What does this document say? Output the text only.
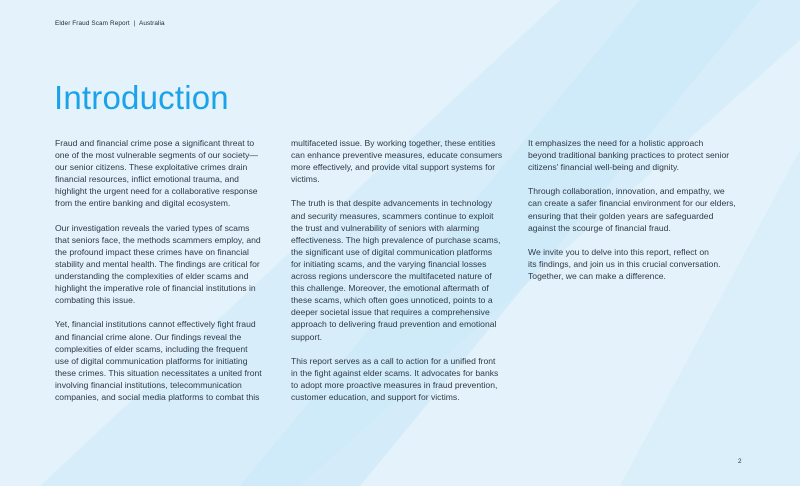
Elder Fraud Scam Report | Australia
Introduction

Fraud and financial crime pose a significant threat to
one of the most vulnerable segments of our society—
our senior citizens. These exploitative crimes drain
financial resources, inflict emotional trauma, and
highlight the urgent need for a collaborative response
from the entire banking and digital ecosystem.

Our investigation reveals the varied types of scams
that seniors face, the methods scammers employ, and
the profound impact these crimes have on financial
stability and mental health. The findings are critical for
understanding the complexities of elder scams and
highlight the imperative role of financial institutions in
combating this issue.

Yet, financial institutions cannot effectively fight fraud
and financial crime alone. Our findings reveal the
complexities of elder scams, including the frequent
use of digital communication platforms for initiating
these crimes. This situation necessitates a united front
involving financial institutions, telecommunication
companies, and social media platforms to combat this

multifaceted issue. By working together, these entities
can enhance preventive measures, educate consumers
more effectively, and provide vital support systems for
victims.

The truth is that despite advancements in technology
and security measures, scammers continue to exploit
the trust and vulnerability of seniors with alarming
effectiveness. The high prevalence of purchase scams,
the significant use of digital communication platforms
for initiating scams, and the varying financial losses
across regions underscore the multifaceted nature of
this challenge. Moreover, the emotional aftermath of
these scams, which often goes unnoticed, points to a
deeper societal issue that requires a comprehensive
approach to delivering fraud prevention and emotional
support.

This report serves as a call to action for a unified front
in the fight against elder scams. It advocates for banks
to adopt more proactive measures in fraud prevention,
customer education, and support for victims.

It emphasizes the need for a holistic approach
beyond traditional banking practices to protect senior
citizens' financial well-being and dignity.

Through collaboration, innovation, and empathy, we
can create a safer financial environment for our elders,
ensuring that their golden years are safeguarded
against the scourge of financial fraud.

We invite you to delve into this report, reflect on
its findings, and join us in this crucial conversation.
Together, we can make a difference.

2
